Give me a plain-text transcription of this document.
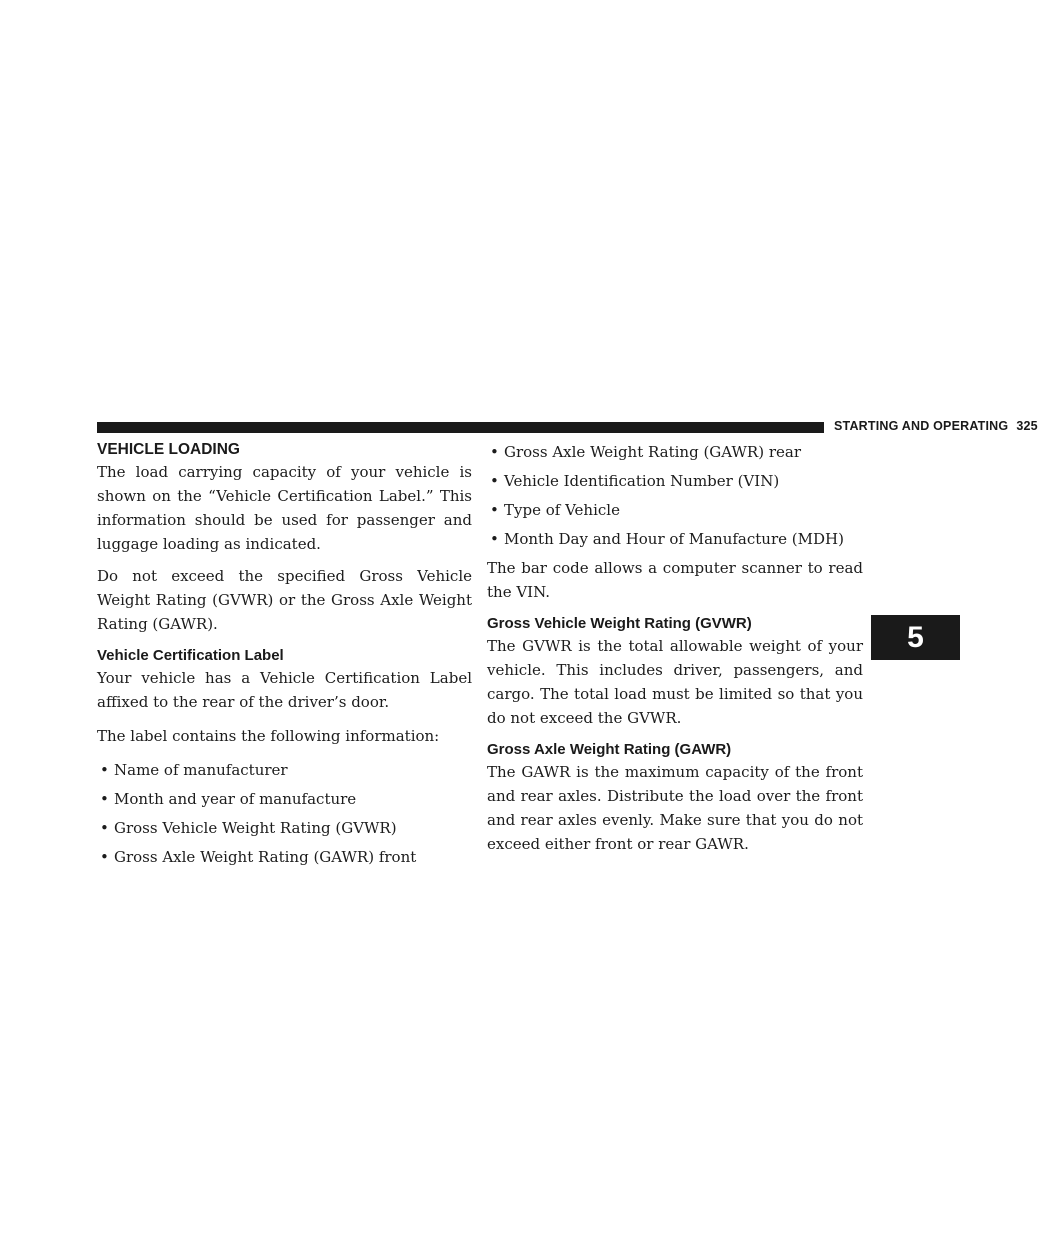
STARTING AND OPERATING 325
5
VEHICLE LOADING

The load carrying capacity of your vehicle is shown on the “Vehicle Certification Label.” This information should be used for passenger and luggage loading as indicated.

Do not exceed the specified Gross Vehicle Weight Rating (GVWR) or the Gross Axle Weight Rating (GAWR).

Vehicle Certification Label

Your vehicle has a Vehicle Certification Label affixed to the rear of the driver’s door.

The label contains the following information:

• Name of manufacturer
• Month and year of manufacture
• Gross Vehicle Weight Rating (GVWR)
• Gross Axle Weight Rating (GAWR) front
• Gross Axle Weight Rating (GAWR) rear
• Vehicle Identification Number (VIN)
• Type of Vehicle
• Month Day and Hour of Manufacture (MDH)

The bar code allows a computer scanner to read the VIN.

Gross Vehicle Weight Rating (GVWR)

The GVWR is the total allowable weight of your vehicle. This includes driver, passengers, and cargo. The total load must be limited so that you do not exceed the GVWR.

Gross Axle Weight Rating (GAWR)

The GAWR is the maximum capacity of the front and rear axles. Distribute the load over the front and rear axles evenly. Make sure that you do not exceed either front or rear GAWR.
